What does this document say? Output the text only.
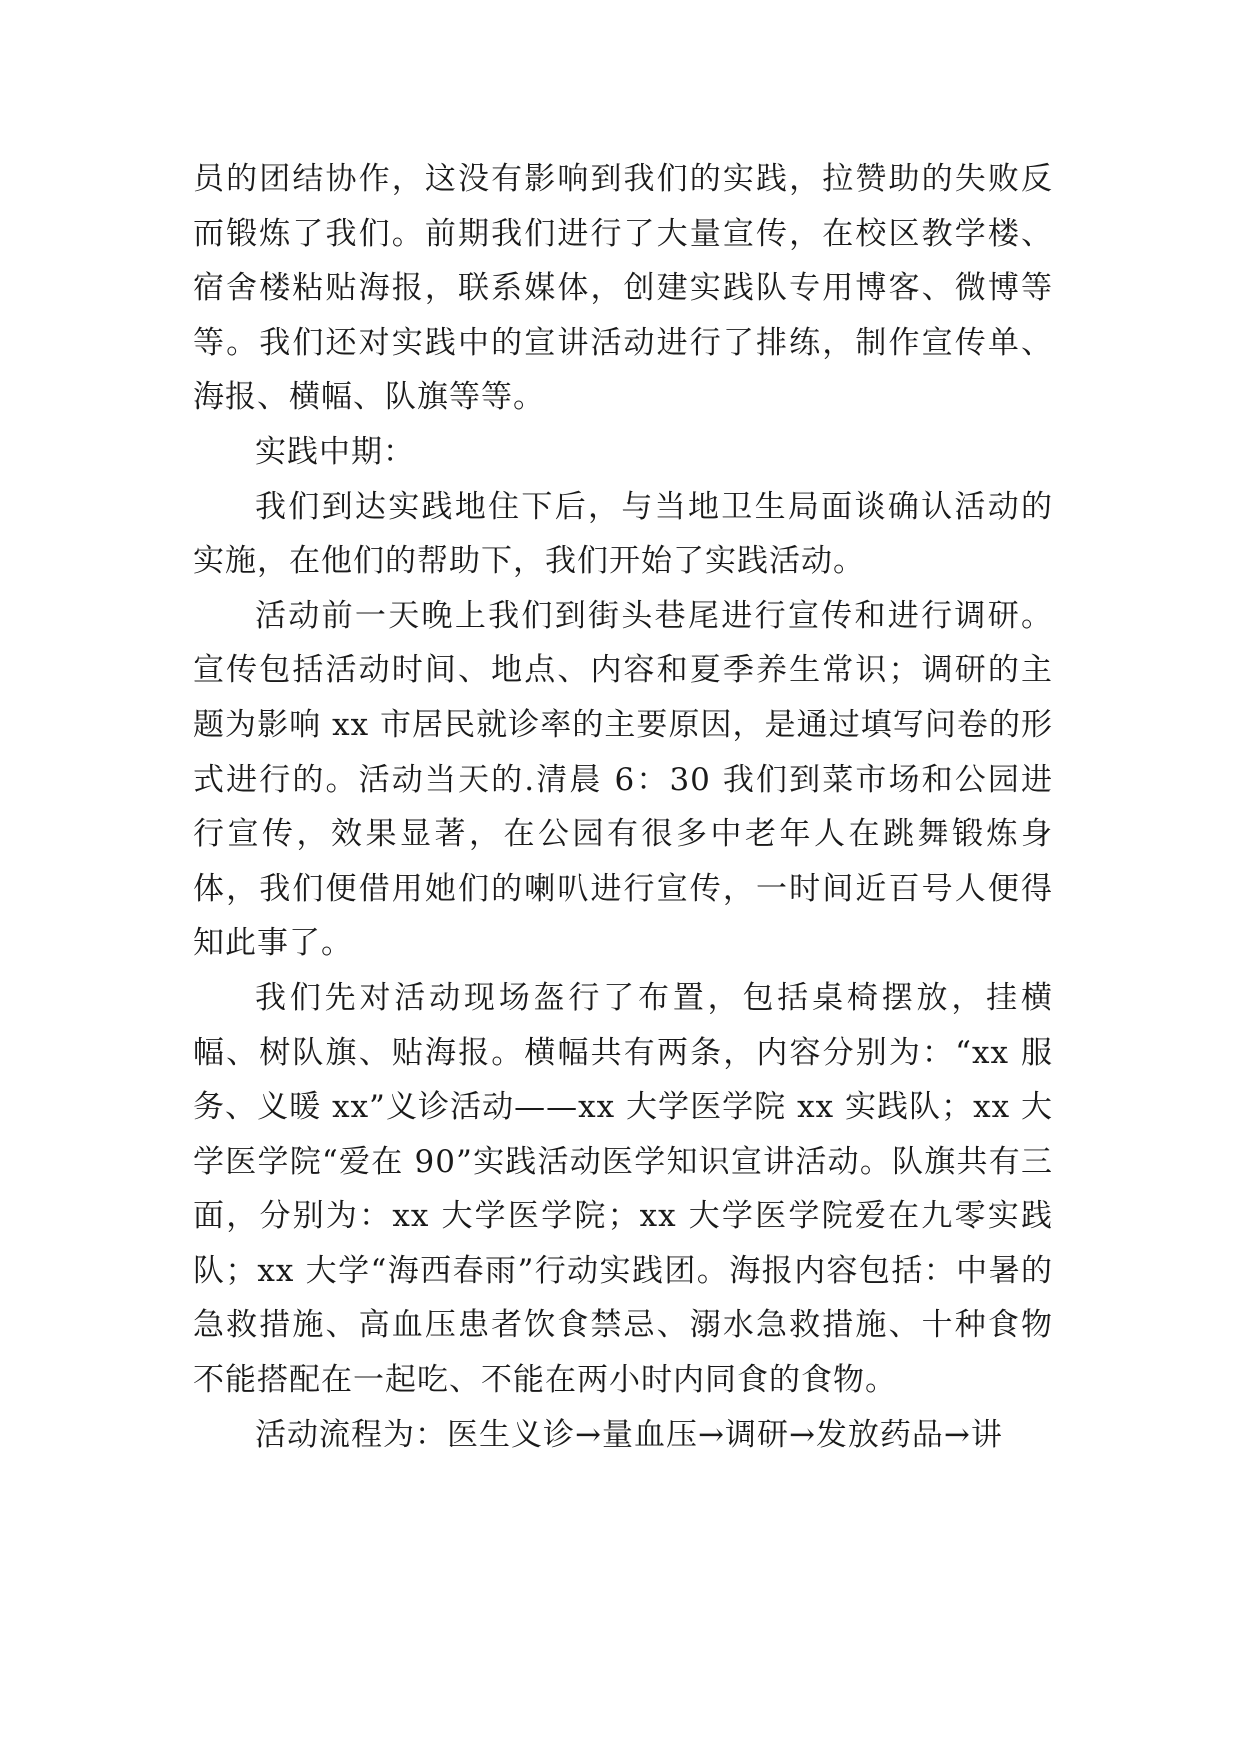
员的团结协作，这没有影响到我们的实践，拉赞助的失败反而锻炼了我们。前期我们进行了大量宣传，在校区教学楼、宿舍楼粘贴海报，联系媒体，创建实践队专用博客、微博等等。我们还对实践中的宣讲活动进行了排练，制作宣传单、海报、横幅、队旗等等。

实践中期：

我们到达实践地住下后，与当地卫生局面谈确认活动的实施，在他们的帮助下，我们开始了实践活动。

活动前一天晚上我们到街头巷尾进行宣传和进行调研。宣传包括活动时间、地点、内容和夏季养生常识；调研的主题为影响 xx 市居民就诊率的主要原因，是通过填写问卷的形式进行的。活动当天的.清晨 6：30 我们到菜市场和公园进行宣传，效果显著，在公园有很多中老年人在跳舞锻炼身体，我们便借用她们的喇叭进行宣传，一时间近百号人便得知此事了。

我们先对活动现场盔行了布置，包括桌椅摆放，挂横幅、树队旗、贴海报。横幅共有两条，内容分别为：“xx 服务、义暖 xx”义诊活动——xx 大学医学院 xx 实践队；xx 大学医学院“爱在 90”实践活动医学知识宣讲活动。队旗共有三面，分别为：xx 大学医学院；xx 大学医学院爱在九零实践队；xx 大学“海西春雨”行动实践团。海报内容包括：中暑的急救措施、高血压患者饮食禁忌、溺水急救措施、十种食物不能搭配在一起吃、不能在两小时内同食的食物。

活动流程为：医生义诊→量血压→调研→发放药品→讲
